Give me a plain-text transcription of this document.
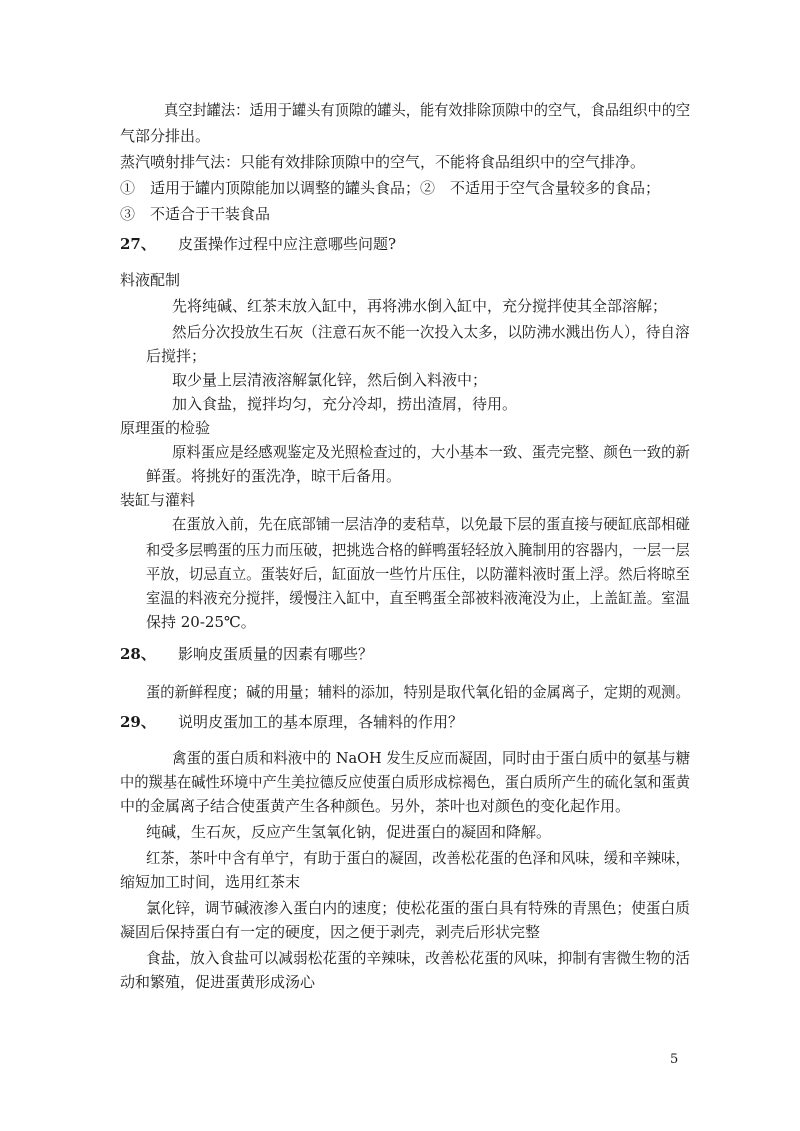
真空封罐法：适用于罐头有顶隙的罐头，能有效排除顶隙中的空气，食品组织中的空
气部分排出。
蒸汽喷射排气法：只能有效排除顶隙中的空气，不能将食品组织中的空气排净。
①　适用于罐内顶隙能加以调整的罐头食品；②　不适用于空气含量较多的食品；
③　不适合于干装食品
27、 皮蛋操作过程中应注意哪些问题?
料液配制
先将纯碱、红茶末放入缸中，再将沸水倒入缸中，充分搅拌使其全部溶解；
然后分次投放生石灰（注意石灰不能一次投入太多，以防沸水溅出伤人），待自溶
后搅拌；
取少量上层清液溶解氯化锌，然后倒入料液中；
加入食盐，搅拌均匀，充分冷却，捞出渣屑，待用。
原理蛋的检验
原料蛋应是经感观鉴定及光照检查过的，大小基本一致、蛋壳完整、颜色一致的新
鲜蛋。将挑好的蛋洗净，晾干后备用。
装缸与灌料
在蛋放入前，先在底部铺一层洁净的麦秸草，以免最下层的蛋直接与硬缸底部相碰
和受多层鸭蛋的压力而压破，把挑选合格的鲜鸭蛋轻轻放入腌制用的容器内，一层一层
平放，切忌直立。蛋装好后，缸面放一些竹片压住，以防灌料液时蛋上浮。然后将晾至
室温的料液充分搅拌，缓慢注入缸中，直至鸭蛋全部被料液淹没为止，上盖缸盖。室温
保持 20-25℃。
28、 影响皮蛋质量的因素有哪些？
蛋的新鲜程度；碱的用量；辅料的添加，特别是取代氧化铅的金属离子，定期的观测。
29、 说明皮蛋加工的基本原理，各辅料的作用？
禽蛋的蛋白质和料液中的 NaOH 发生反应而凝固，同时由于蛋白质中的氨基与糖
中的羰基在碱性环境中产生美拉德反应使蛋白质形成棕褐色，蛋白质所产生的硫化氢和蛋黄
中的金属离子结合使蛋黄产生各种颜色。另外，茶叶也对颜色的变化起作用。
纯碱，生石灰，反应产生氢氧化钠，促进蛋白的凝固和降解。
红茶，茶叶中含有单宁，有助于蛋白的凝固，改善松花蛋的色泽和风味，缓和辛辣味，
缩短加工时间，选用红茶末
氯化锌，调节碱液渗入蛋白内的速度；使松花蛋的蛋白具有特殊的青黑色；使蛋白质
凝固后保持蛋白有一定的硬度，因之便于剥壳，剥壳后形状完整
食盐，放入食盐可以减弱松花蛋的辛辣味，改善松花蛋的风味，抑制有害微生物的活
动和繁殖，促进蛋黄形成汤心
5
